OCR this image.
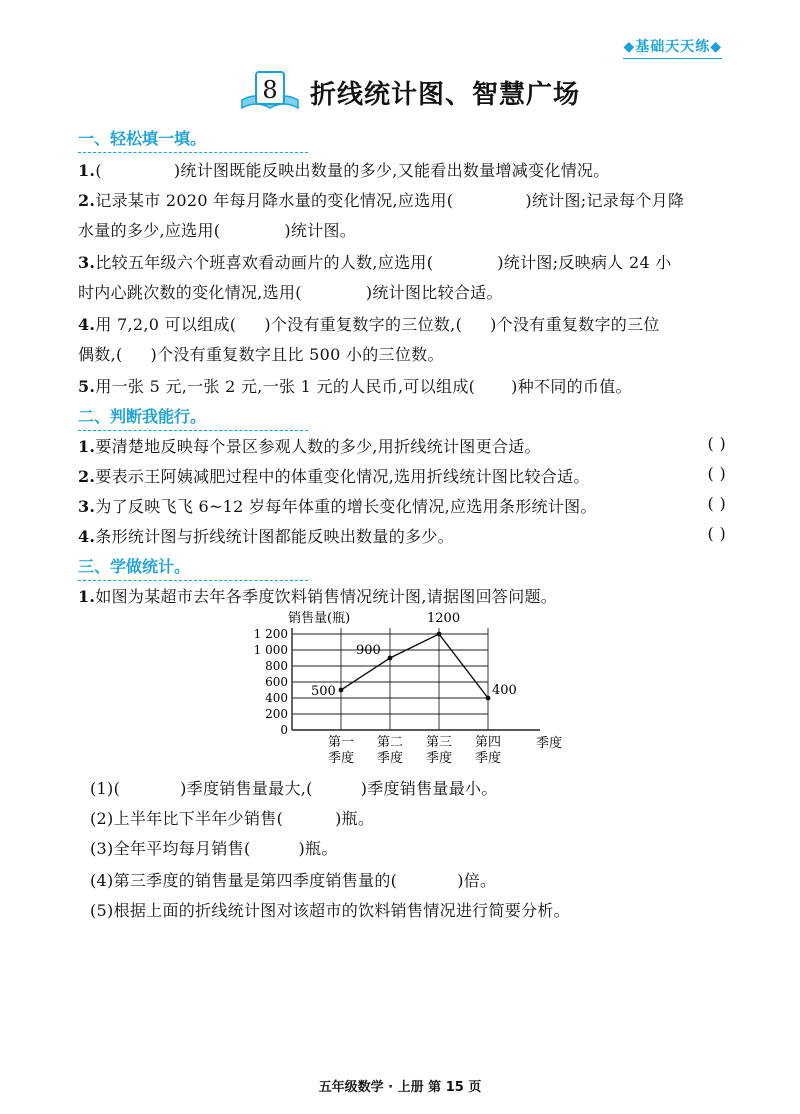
◆基础天天练◆
8 折线统计图、智慧广场
一、轻松填一填。
1.(	)统计图既能反映出数量的多少,又能看出数量增减变化情况。
2.记录某市 2020 年每月降水量的变化情况,应选用(	)统计图;记录每个月降
水量的多少,应选用(	)统计图。
3.比较五年级六个班喜欢看动画片的人数,应选用(	)统计图;反映病人 24 小
时内心跳次数的变化情况,选用(	)统计图比较合适。
4.用 7,2,0 可以组成( )个没有重复数字的三位数,( )个没有重复数字的三位
偶数,( )个没有重复数字且比 500 小的三位数。
5.用一张 5 元,一张 2 元,一张 1 元的人民币,可以组成( )种不同的币值。
二、判断我能行。
1.要清楚地反映每个景区参观人数的多少,用折线统计图更合适。	( )
2.要表示王阿姨减肥过程中的体重变化情况,选用折线统计图比较合适。	( )
3.为了反映飞飞 6~12 岁每年体重的增长变化情况,应选用条形统计图。	( )
4.条形统计图与折线统计图都能反映出数量的多少。	( )
三、学做统计。
1.如图为某超市去年各季度饮料销售情况统计图,请据图回答问题。
销售量(瓶)
季度
0
200
400
600
800
1 000
1 200
第一
季度
第二
季度
第三
季度
第四
季度
500
900
1200
400
(1)(	)季度销售量最大,(	)季度销售量最小。
(2)上半年比下半年少销售(	)瓶。
(3)全年平均每月销售(	)瓶。
(4)第三季度的销售量是第四季度销售量的(	)倍。
(5)根据上面的折线统计图对该超市的饮料销售情况进行简要分析。
五年级数学 · 上册 第 15 页
